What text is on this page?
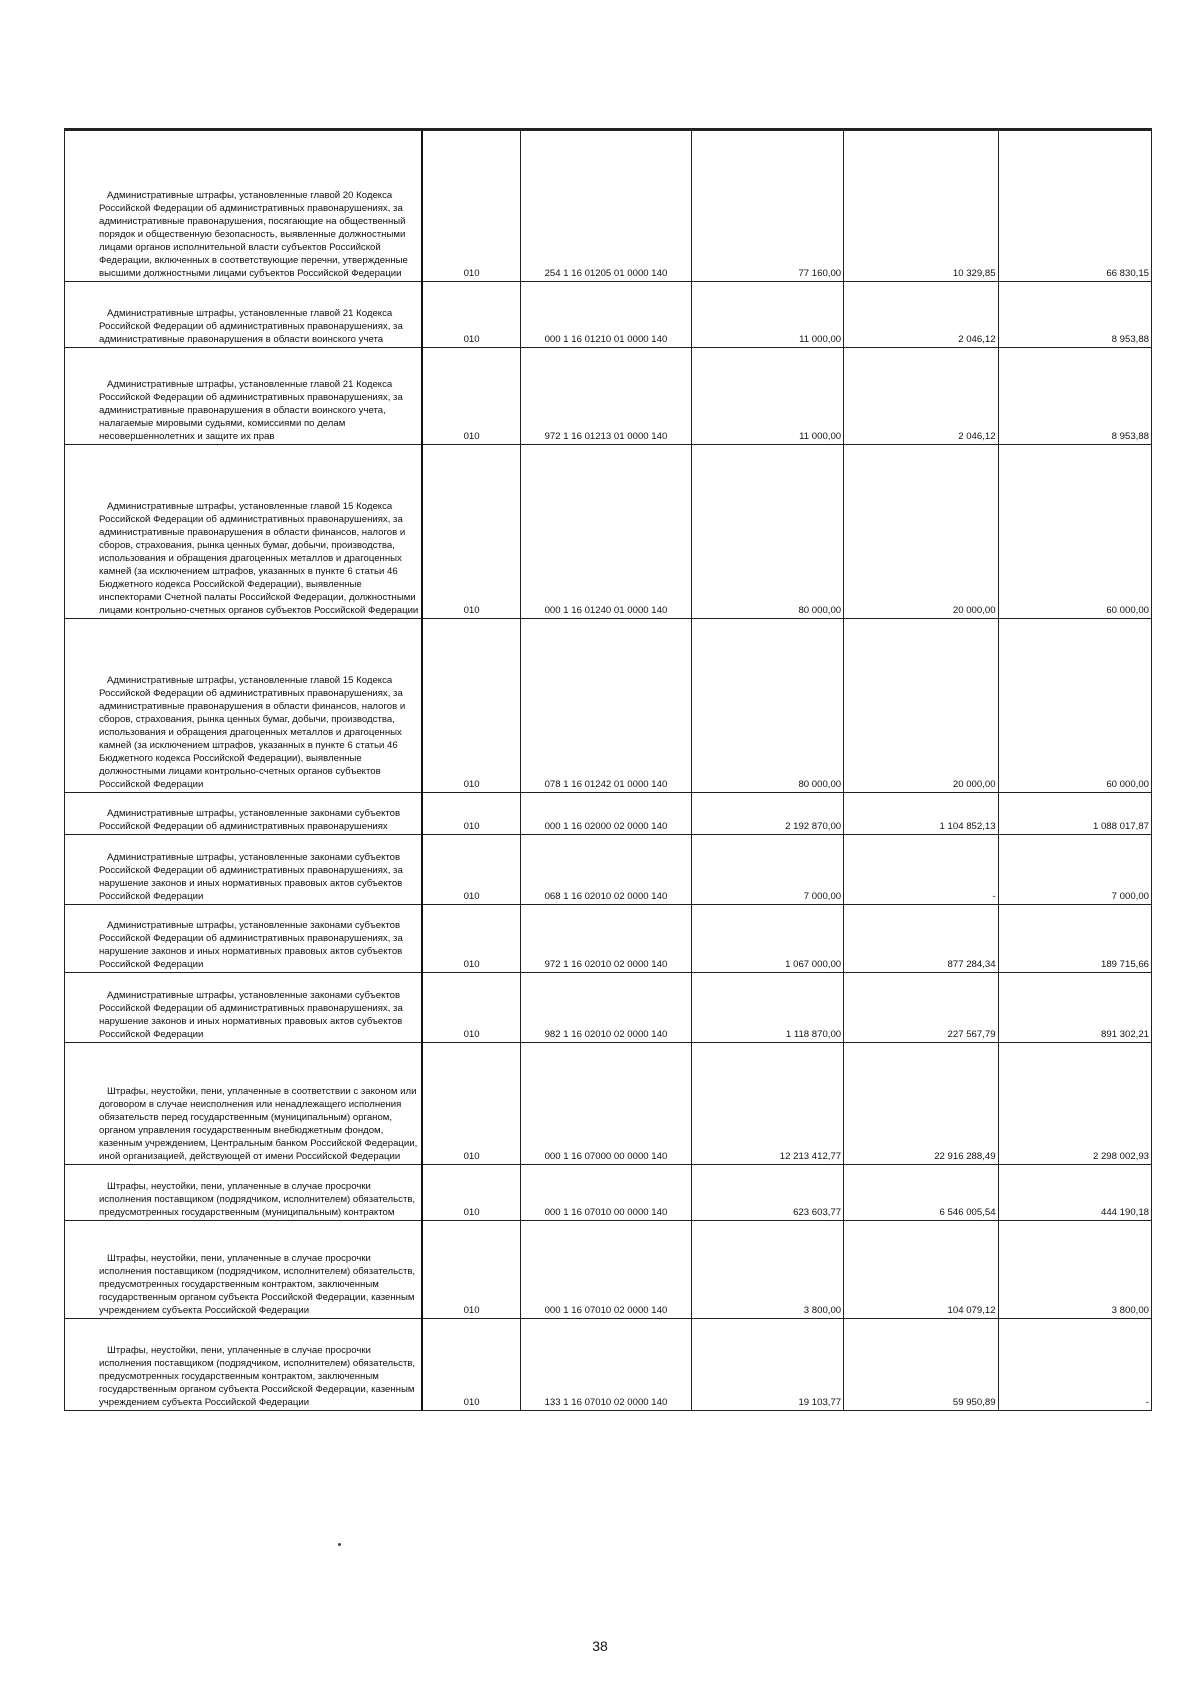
Административные штрафы, установленные главой 20 Кодекса Российской Федерации об административных правонарушениях, за административные правонарушения, посягающие на общественный порядок и общественную безопасность, выявленные должностными лицами органов исполнительной власти субъектов Российской Федерации, включенных в соответствующие перечни, утвержденные высшими должностными лицами субъектов Российской Федерации	010	254 1 16 01205 01 0000 140	77 160,00	10 329,85	66 830,15

Административные штрафы, установленные главой 21 Кодекса Российской Федерации об административных правонарушениях, за административные правонарушения в области воинского учета	010	000 1 16 01210 01 0000 140	11 000,00	2 046,12	8 953,88

Административные штрафы, установленные главой 21 Кодекса Российской Федерации об административных правонарушениях, за административные правонарушения в области воинского учета, налагаемые мировыми судьями, комиссиями по делам несовершеннолетних и защите их прав	010	972 1 16 01213 01 0000 140	11 000,00	2 046,12	8 953,88

Административные штрафы, установленные главой 15 Кодекса Российской Федерации об административных правонарушениях, за административные правонарушения в области финансов, налогов и сборов, страхования, рынка ценных бумаг, добычи, производства, использования и обращения драгоценных металлов и драгоценных камней (за исключением штрафов, указанных в пункте 6 статьи 46 Бюджетного кодекса Российской Федерации), выявленные инспекторами Счетной палаты Российской Федерации, должностными лицами контрольно-счетных органов субъектов Российской Федерации	010	000 1 16 01240 01 0000 140	80 000,00	20 000,00	60 000,00

Административные штрафы, установленные главой 15 Кодекса Российской Федерации об административных правонарушениях, за административные правонарушения в области финансов, налогов и сборов, страхования, рынка ценных бумаг, добычи, производства, использования и обращения драгоценных металлов и драгоценных камней (за исключением штрафов, указанных в пункте 6 статьи 46 Бюджетного кодекса Российской Федерации), выявленные должностными лицами контрольно-счетных органов субъектов Российской Федерации	010	078 1 16 01242 01 0000 140	80 000,00	20 000,00	60 000,00

Административные штрафы, установленные законами субъектов Российской Федерации об административных правонарушениях	010	000 1 16 02000 02 0000 140	2 192 870,00	1 104 852,13	1 088 017,87

Административные штрафы, установленные законами субъектов Российской Федерации об административных правонарушениях, за нарушение законов и иных нормативных правовых актов субъектов Российской Федерации	010	068 1 16 02010 02 0000 140	7 000,00	-	7 000,00

Административные штрафы, установленные законами субъектов Российской Федерации об административных правонарушениях, за нарушение законов и иных нормативных правовых актов субъектов Российской Федерации	010	972 1 16 02010 02 0000 140	1 067 000,00	877 284,34	189 715,66

Административные штрафы, установленные законами субъектов Российской Федерации об административных правонарушениях, за нарушение законов и иных нормативных правовых актов субъектов Российской Федерации	010	982 1 16 02010 02 0000 140	1 118 870,00	227 567,79	891 302,21

Штрафы, неустойки, пени, уплаченные в соответствии с законом или договором в случае неисполнения или ненадлежащего исполнения обязательств перед государственным (муниципальным) органом, органом управления государственным внебюджетным фондом, казенным учреждением, Центральным банком Российской Федерации, иной организацией, действующей от имени Российской Федерации	010	000 1 16 07000 00 0000 140	12 213 412,77	22 916 288,49	2 298 002,93

Штрафы, неустойки, пени, уплаченные в случае просрочки исполнения поставщиком (подрядчиком, исполнителем) обязательств, предусмотренных государственным (муниципальным) контрактом	010	000 1 16 07010 00 0000 140	623 603,77	6 546 005,54	444 190,18

Штрафы, неустойки, пени, уплаченные в случае просрочки исполнения поставщиком (подрядчиком, исполнителем) обязательств, предусмотренных государственным контрактом, заключенным государственным органом субъекта Российской Федерации, казенным учреждением субъекта Российской Федерации	010	000 1 16 07010 02 0000 140	3 800,00	104 079,12	3 800,00

Штрафы, неустойки, пени, уплаченные в случае просрочки исполнения поставщиком (подрядчиком, исполнителем) обязательств, предусмотренных государственным контрактом, заключенным государственным органом субъекта Российской Федерации, казенным учреждением субъекта Российской Федерации	010	133 1 16 07010 02 0000 140	19 103,77	59 950,89	-
38
